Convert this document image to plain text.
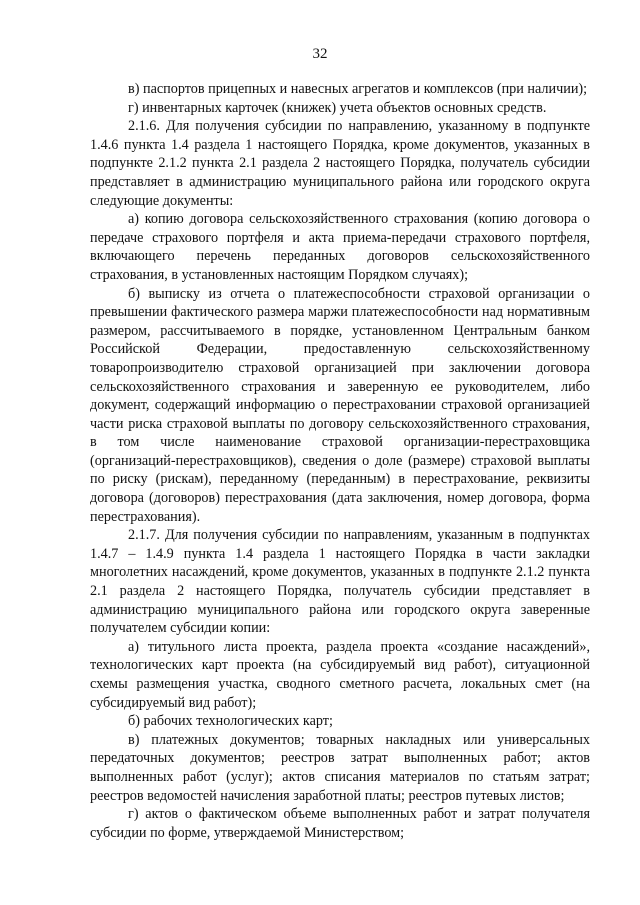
32

в) паспортов прицепных и навесных агрегатов и комплексов (при наличии);

г) инвентарных карточек (книжек) учета объектов основных средств.

2.1.6. Для получения субсидии по направлению, указанному в подпункте 1.4.6 пункта 1.4 раздела 1 настоящего Порядка, кроме документов, указанных в подпункте 2.1.2 пункта 2.1 раздела 2 настоящего Порядка, получатель субсидии представляет в администрацию муниципального района или городского округа следующие документы:

а) копию договора сельскохозяйственного страхования (копию договора о передаче страхового портфеля и акта приема-передачи страхового портфеля, включающего перечень переданных договоров сельскохозяйственного страхования, в установленных настоящим Порядком случаях);

б) выписку из отчета о платежеспособности страховой организации о превышении фактического размера маржи платежеспособности над нормативным размером, рассчитываемого в порядке, установленном Центральным банком Российской Федерации, предоставленную сельскохозяйственному товаропроизводителю страховой организацией при заключении договора сельскохозяйственного страхования и заверенную ее руководителем, либо документ, содержащий информацию о перестраховании страховой организацией части риска страховой выплаты по договору сельскохозяйственного страхования, в том числе наименование страховой организации-перестраховщика (организаций-перестраховщиков), сведения о доле (размере) страховой выплаты по риску (рискам), переданному (переданным) в перестрахование, реквизиты договора (договоров) перестрахования (дата заключения, номер договора, форма перестрахования).

2.1.7. Для получения субсидии по направлениям, указанным в подпунктах 1.4.7 – 1.4.9 пункта 1.4 раздела 1 настоящего Порядка в части закладки многолетних насаждений, кроме документов, указанных в подпункте 2.1.2 пункта 2.1 раздела 2 настоящего Порядка, получатель субсидии представляет в администрацию муниципального района или городского округа заверенные получателем субсидии копии:

а) титульного листа проекта, раздела проекта «создание насаждений», технологических карт проекта (на субсидируемый вид работ), ситуационной схемы размещения участка, сводного сметного расчета, локальных смет (на субсидируемый вид работ);

б) рабочих технологических карт;

в) платежных документов; товарных накладных или универсальных передаточных документов; реестров затрат выполненных работ; актов выполненных работ (услуг); актов списания материалов по статьям затрат; реестров ведомостей начисления заработной платы; реестров путевых листов;

г) актов о фактическом объеме выполненных работ и затрат получателя субсидии по форме, утверждаемой Министерством;
